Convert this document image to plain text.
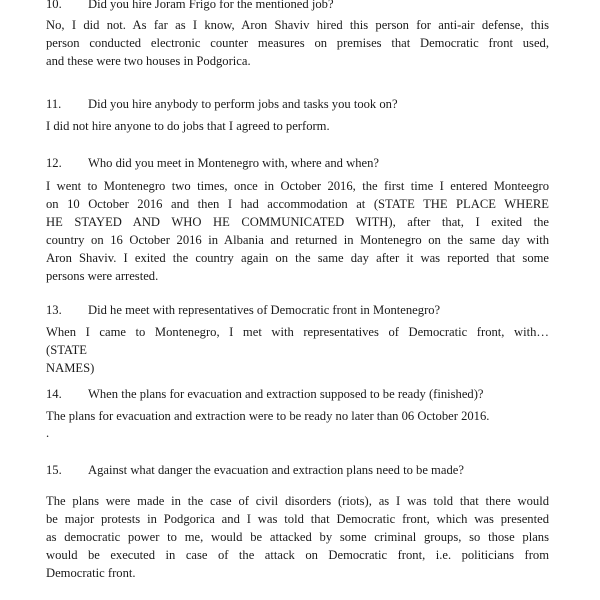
10. Did you hire Joram Frigo for the mentioned job?
No, I did not. As far as I know, Aron Shaviv hired this person for anti-air defense, this
person conducted electronic counter measures on premises that Democratic front used,
and these were two houses in Podgorica.
11. Did you hire anybody to perform jobs and tasks you took on?
I did not hire anyone to do jobs that I agreed to perform.
12. Who did you meet in Montenegro with, where and when?
I went to Montenegro two times, once in October 2016, the first time I entered Monteegro
on 10 October 2016 and then I had accommodation at (STATE THE PLACE WHERE
HE STAYED AND WHO HE COMMUNICATED WITH), after that, I exited the
country on 16 October 2016 in Albania and returned in Montenegro on the same day with
Aron Shaviv. I exited the country again on the same day after it was reported that some
persons were arrested.
13. Did he meet with representatives of Democratic front in Montenegro?
When I came to Montenegro, I met with representatives of Democratic front, with…
(STATE
NAMES)
14. When the plans for evacuation and extraction supposed to be ready (finished)?
The plans for evacuation and extraction were to be ready no later than 06 October 2016.
.
15. Against what danger the evacuation and extraction plans need to be made?
The plans were made in the case of civil disorders (riots), as I was told that there would
be major protests in Podgorica and I was told that Democratic front, which was presented
as democratic power to me, would be attacked by some criminal groups, so those plans
would be executed in case of the attack on Democratic front, i.e. politicians from
Democratic front.
